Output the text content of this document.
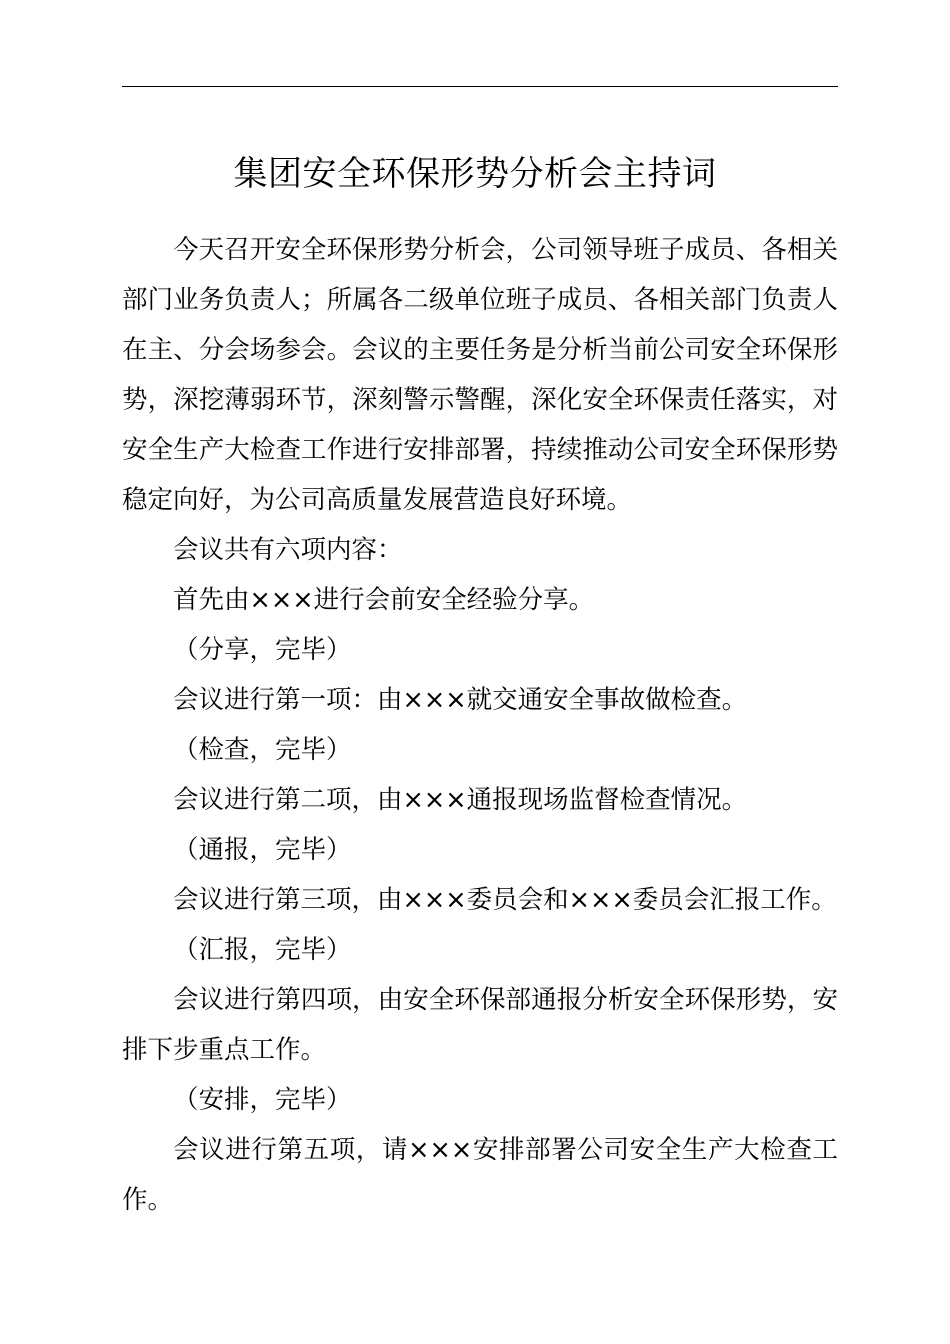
集团安全环保形势分析会主持词

今天召开安全环保形势分析会，公司领导班子成员、各相关部门业务负责人；所属各二级单位班子成员、各相关部门负责人在主、分会场参会。会议的主要任务是分析当前公司安全环保形势，深挖薄弱环节，深刻警示警醒，深化安全环保责任落实，对安全生产大检查工作进行安排部署，持续推动公司安全环保形势稳定向好，为公司高质量发展营造良好环境。

会议共有六项内容：

首先由×××进行会前安全经验分享。

（分享，完毕）

会议进行第一项：由×××就交通安全事故做检查。

（检查，完毕）

会议进行第二项，由×××通报现场监督检查情况。

（通报，完毕）

会议进行第三项，由×××委员会和×××委员会汇报工作。

（汇报，完毕）

会议进行第四项，由安全环保部通报分析安全环保形势，安排下步重点工作。

（安排，完毕）

会议进行第五项，请×××安排部署公司安全生产大检查工作。
